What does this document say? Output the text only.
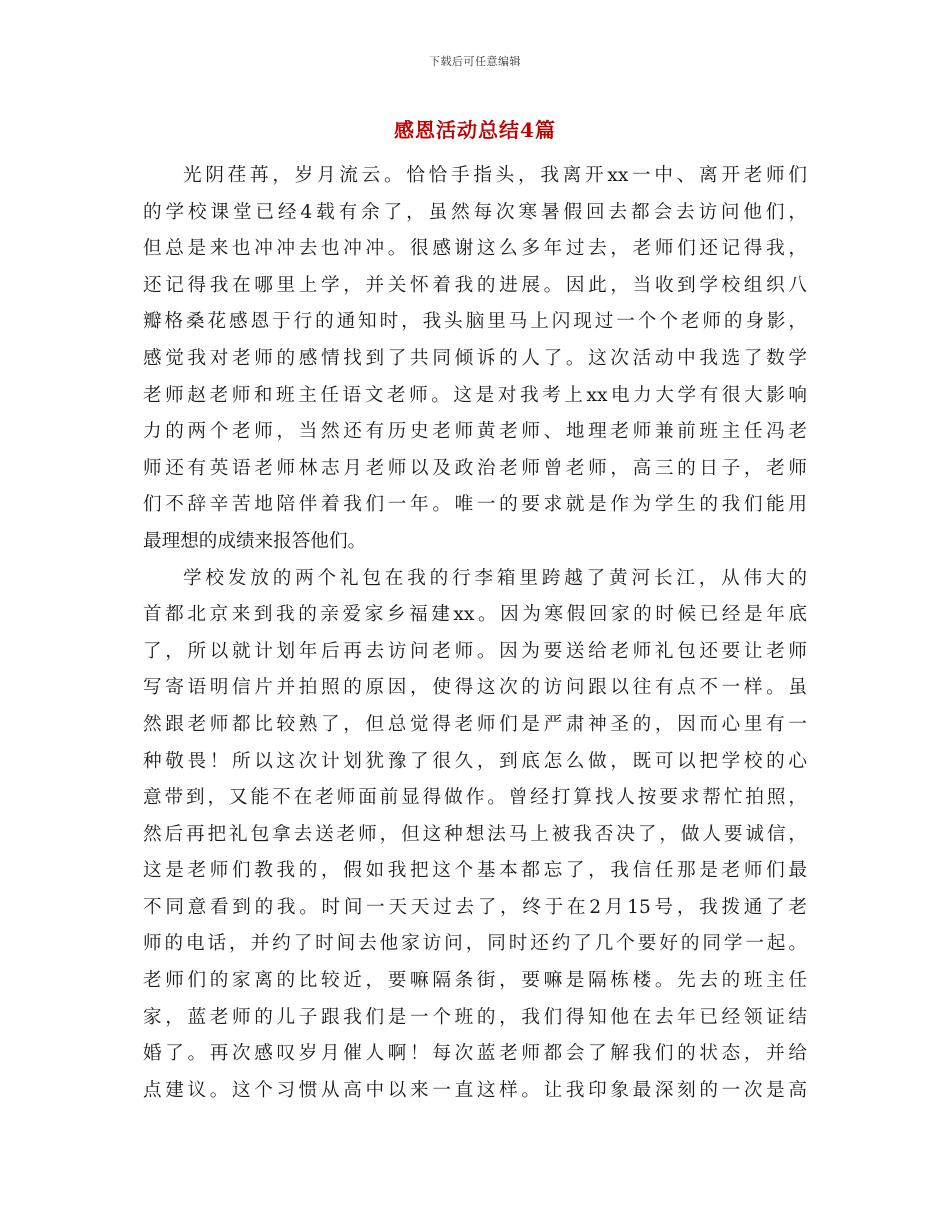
下载后可任意编辑
感恩活动总结4篇
光阴荏苒，岁月流云。恰恰手指头，我离开xx一中、离开老师们
的学校课堂已经4载有余了，虽然每次寒暑假回去都会去访问他们，
但总是来也冲冲去也冲冲。很感谢这么多年过去，老师们还记得我，
还记得我在哪里上学，并关怀着我的进展。因此，当收到学校组织八
瓣格桑花感恩于行的通知时，我头脑里马上闪现过一个个老师的身影，
感觉我对老师的感情找到了共同倾诉的人了。这次活动中我选了数学
老师赵老师和班主任语文老师。这是对我考上xx电力大学有很大影响
力的两个老师，当然还有历史老师黄老师、地理老师兼前班主任冯老
师还有英语老师林志月老师以及政治老师曾老师，高三的日子，老师
们不辞辛苦地陪伴着我们一年。唯一的要求就是作为学生的我们能用
最理想的成绩来报答他们。
学校发放的两个礼包在我的行李箱里跨越了黄河长江，从伟大的
首都北京来到我的亲爱家乡福建xx。因为寒假回家的时候已经是年底
了，所以就计划年后再去访问老师。因为要送给老师礼包还要让老师
写寄语明信片并拍照的原因，使得这次的访问跟以往有点不一样。虽
然跟老师都比较熟了，但总觉得老师们是严肃神圣的，因而心里有一
种敬畏！所以这次计划犹豫了很久，到底怎么做，既可以把学校的心
意带到，又能不在老师面前显得做作。曾经打算找人按要求帮忙拍照，
然后再把礼包拿去送老师，但这种想法马上被我否决了，做人要诚信，
这是老师们教我的，假如我把这个基本都忘了，我信任那是老师们最
不同意看到的我。时间一天天过去了，终于在2月15号，我拨通了老
师的电话，并约了时间去他家访问，同时还约了几个要好的同学一起。
老师们的家离的比较近，要嘛隔条街，要嘛是隔栋楼。先去的班主任
家，蓝老师的儿子跟我们是一个班的，我们得知他在去年已经领证结
婚了。再次感叹岁月催人啊！每次蓝老师都会了解我们的状态，并给
点建议。这个习惯从高中以来一直这样。让我印象最深刻的一次是高
